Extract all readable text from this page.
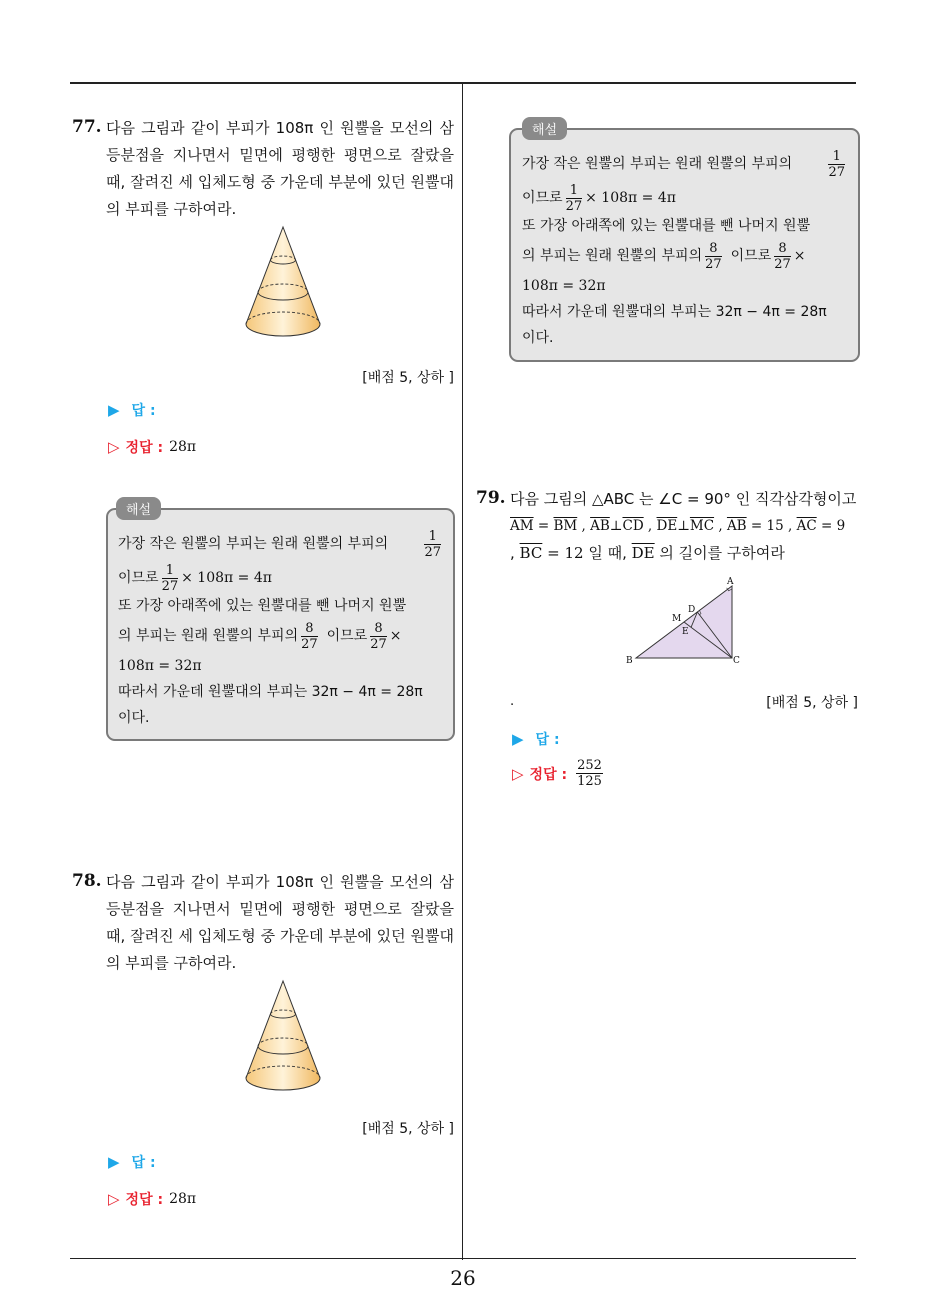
77. 다음 그림과 같이 부피가 108π 인 원뿔을 모선의 삼등분점을 지나면서 밑면에 평행한 평면으로 잘랐을 때, 잘려진 세 입체도형 중 가운데 부분에 있던 원뿔대의 부피를 구하여라.
[배점 5, 상하 ]
▶ 답 :
▷ 정답 : 28π
해설
가장 작은 원뿔의 부피는 원래 원뿔의 부피의	$\frac{1}{27}$
이므로 $\frac{1}{27} \times 108\pi = 4\pi$
또 가장 아래쪽에 있는 원뿔대를 뺀 나머지 원뿔
의 부피는 원래 원뿔의 부피의 $\frac{8}{27}$ 이므로 $\frac{8}{27}$ ×
108π = 32π
따라서 가운데 원뿔대의 부피는 32π − 4π = 28π
이다.
78. 다음 그림과 같이 부피가 108π 인 원뿔을 모선의 삼등분점을 지나면서 밑면에 평행한 평면으로 잘랐을 때, 잘려진 세 입체도형 중 가운데 부분에 있던 원뿔대의 부피를 구하여라.
[배점 5, 상하 ]
▶ 답 :
▷ 정답 : 28π
해설
가장 작은 원뿔의 부피는 원래 원뿔의 부피의	$\frac{1}{27}$
이므로 $\frac{1}{27} \times 108\pi = 4\pi$
또 가장 아래쪽에 있는 원뿔대를 뺀 나머지 원뿔
의 부피는 원래 원뿔의 부피의 $\frac{8}{27}$ 이므로 $\frac{8}{27}$ ×
108π = 32π
따라서 가운데 원뿔대의 부피는 32π − 4π = 28π
이다.
79. 다음 그림의 △ABC 는 ∠C = 90° 인 직각삼각형이고
$\overline{AM} = \overline{BM}$ , $\overline{AB}\perp\overline{CD}$ , $\overline{DE}\perp\overline{MC}$ , $\overline{AB} = 15$ , $\overline{AC} = 9$
, $\overline{BC} = 12$ 일 때, $\overline{DE}$ 의 길이를 구하여라
A
B	C
D
E
M
.	[배점 5, 상하 ]
▶ 답 :
▷ 정답 : $\frac{252}{125}$
26
